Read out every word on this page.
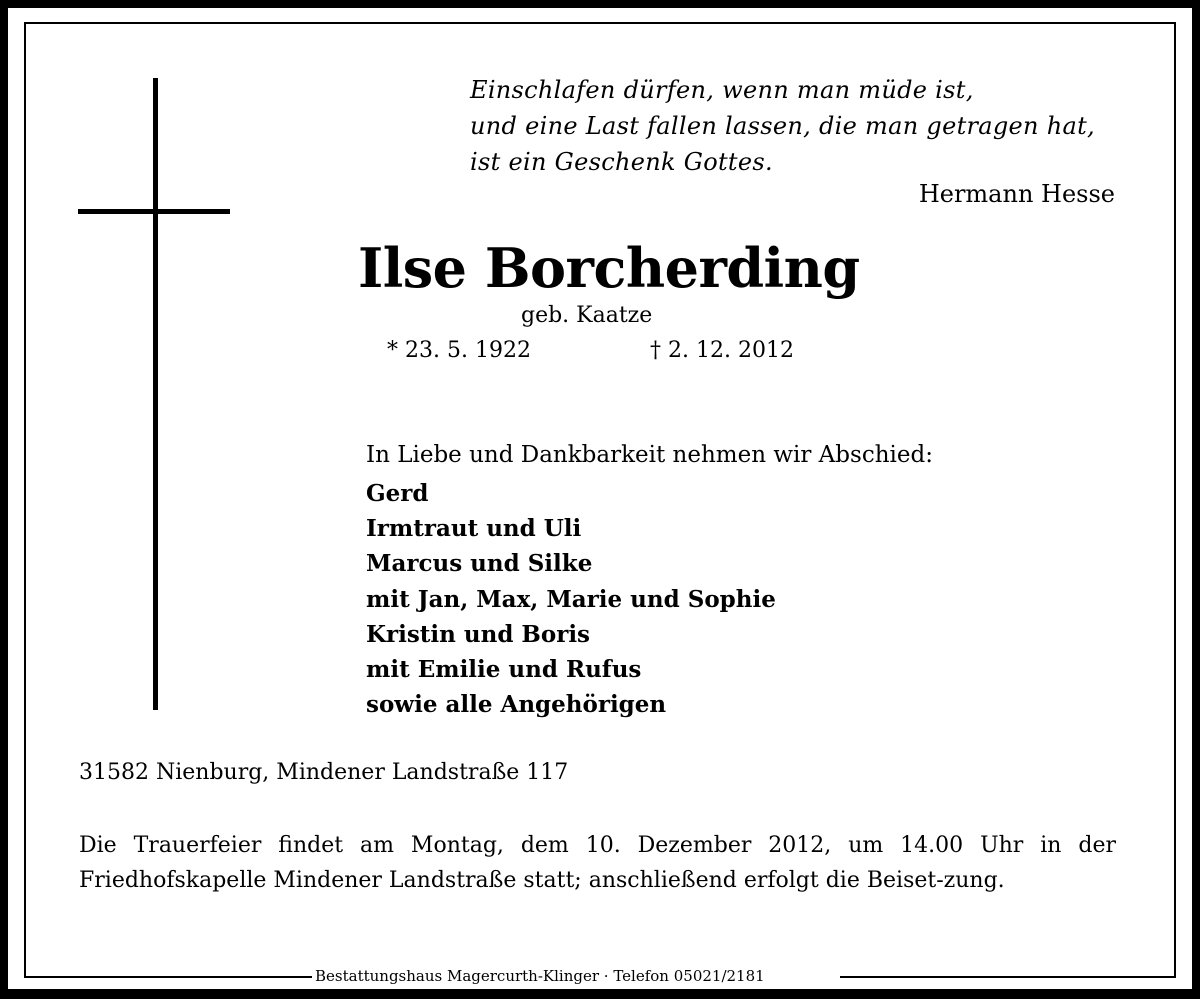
Einschlafen dürfen, wenn man müde ist,
und eine Last fallen lassen, die man getragen hat,
ist ein Geschenk Gottes.
Hermann Hesse
Ilse Borcherding
geb. Kaatze
* 23. 5. 1922	† 2. 12. 2012
In Liebe und Dankbarkeit nehmen wir Abschied:
Gerd
Irmtraut und Uli
Marcus und Silke
mit Jan, Max, Marie und Sophie
Kristin und Boris
mit Emilie und Rufus
sowie alle Angehörigen
31582 Nienburg, Mindener Landstraße 117
Die Trauerfeier findet am Montag, dem 10. Dezember 2012, um 14.00 Uhr in der Friedhofskapelle Mindener Landstraße statt; anschließend erfolgt die Beiset-zung.
Bestattungshaus Magercurth-Klinger · Telefon 05021/2181
